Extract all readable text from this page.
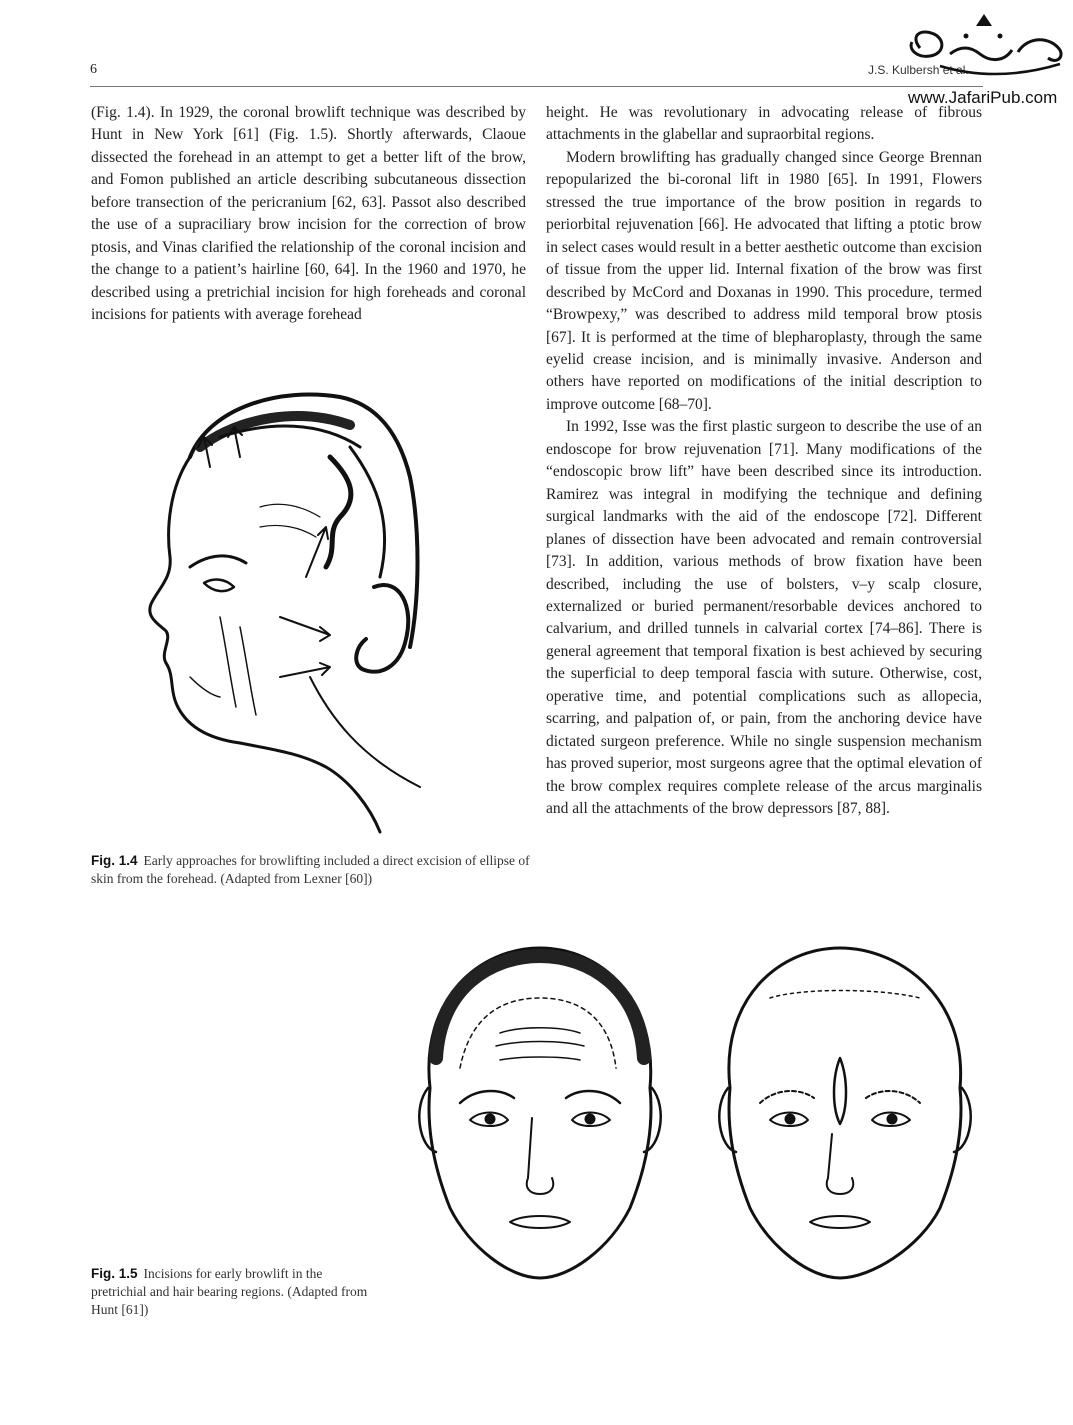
6	J.S. Kulbersh et al.
www.JafariPub.com

(Fig. 1.4). In 1929, the coronal browlift technique was described by Hunt in New York [61] (Fig. 1.5). Shortly afterwards, Claoue dissected the forehead in an attempt to get a better lift of the brow, and Fomon published an article describing subcutaneous dissection before transection of the pericranium [62, 63]. Passot also described the use of a supraciliary brow incision for the correction of brow ptosis, and Vinas clarified the relationship of the coronal incision and the change to a patient’s hairline [60, 64]. In the 1960 and 1970, he described using a pretrichial incision for high foreheads and coronal incisions for patients with average forehead

height. He was revolutionary in advocating release of fibrous attachments in the glabellar and supraorbital regions.

Modern browlifting has gradually changed since George Brennan repopularized the bi-coronal lift in 1980 [65]. In 1991, Flowers stressed the true importance of the brow position in regards to periorbital rejuvenation [66]. He advocated that lifting a ptotic brow in select cases would result in a better aesthetic outcome than excision of tissue from the upper lid. Internal fixation of the brow was first described by McCord and Doxanas in 1990. This procedure, termed “Browpexy,” was described to address mild temporal brow ptosis [67]. It is performed at the time of blepharoplasty, through the same eyelid crease incision, and is minimally invasive. Anderson and others have reported on modifications of the initial description to improve outcome [68–70].

In 1992, Isse was the first plastic surgeon to describe the use of an endoscope for brow rejuvenation [71]. Many modifications of the “endoscopic brow lift” have been described since its introduction. Ramirez was integral in modifying the technique and defining surgical landmarks with the aid of the endoscope [72]. Different planes of dissection have been advocated and remain controversial [73]. In addition, various methods of brow fixation have been described, including the use of bolsters, v–y scalp closure, externalized or buried permanent/resorbable devices anchored to calvarium, and drilled tunnels in calvarial cortex [74–86]. There is general agreement that temporal fixation is best achieved by securing the superficial to deep temporal fascia with suture. Otherwise, cost, operative time, and potential complications such as allopecia, scarring, and palpation of, or pain, from the anchoring device have dictated surgeon preference. While no single suspension mechanism has proved superior, most surgeons agree that the optimal elevation of the brow complex requires complete release of the arcus marginalis and all the attachments of the brow depressors [87, 88].

Fig. 1.4 Early approaches for browlifting included a direct excision of ellipse of skin from the forehead. (Adapted from Lexner [60])
Fig. 1.5 Incisions for early browlift in the pretrichial and hair bearing regions. (Adapted from Hunt [61])
